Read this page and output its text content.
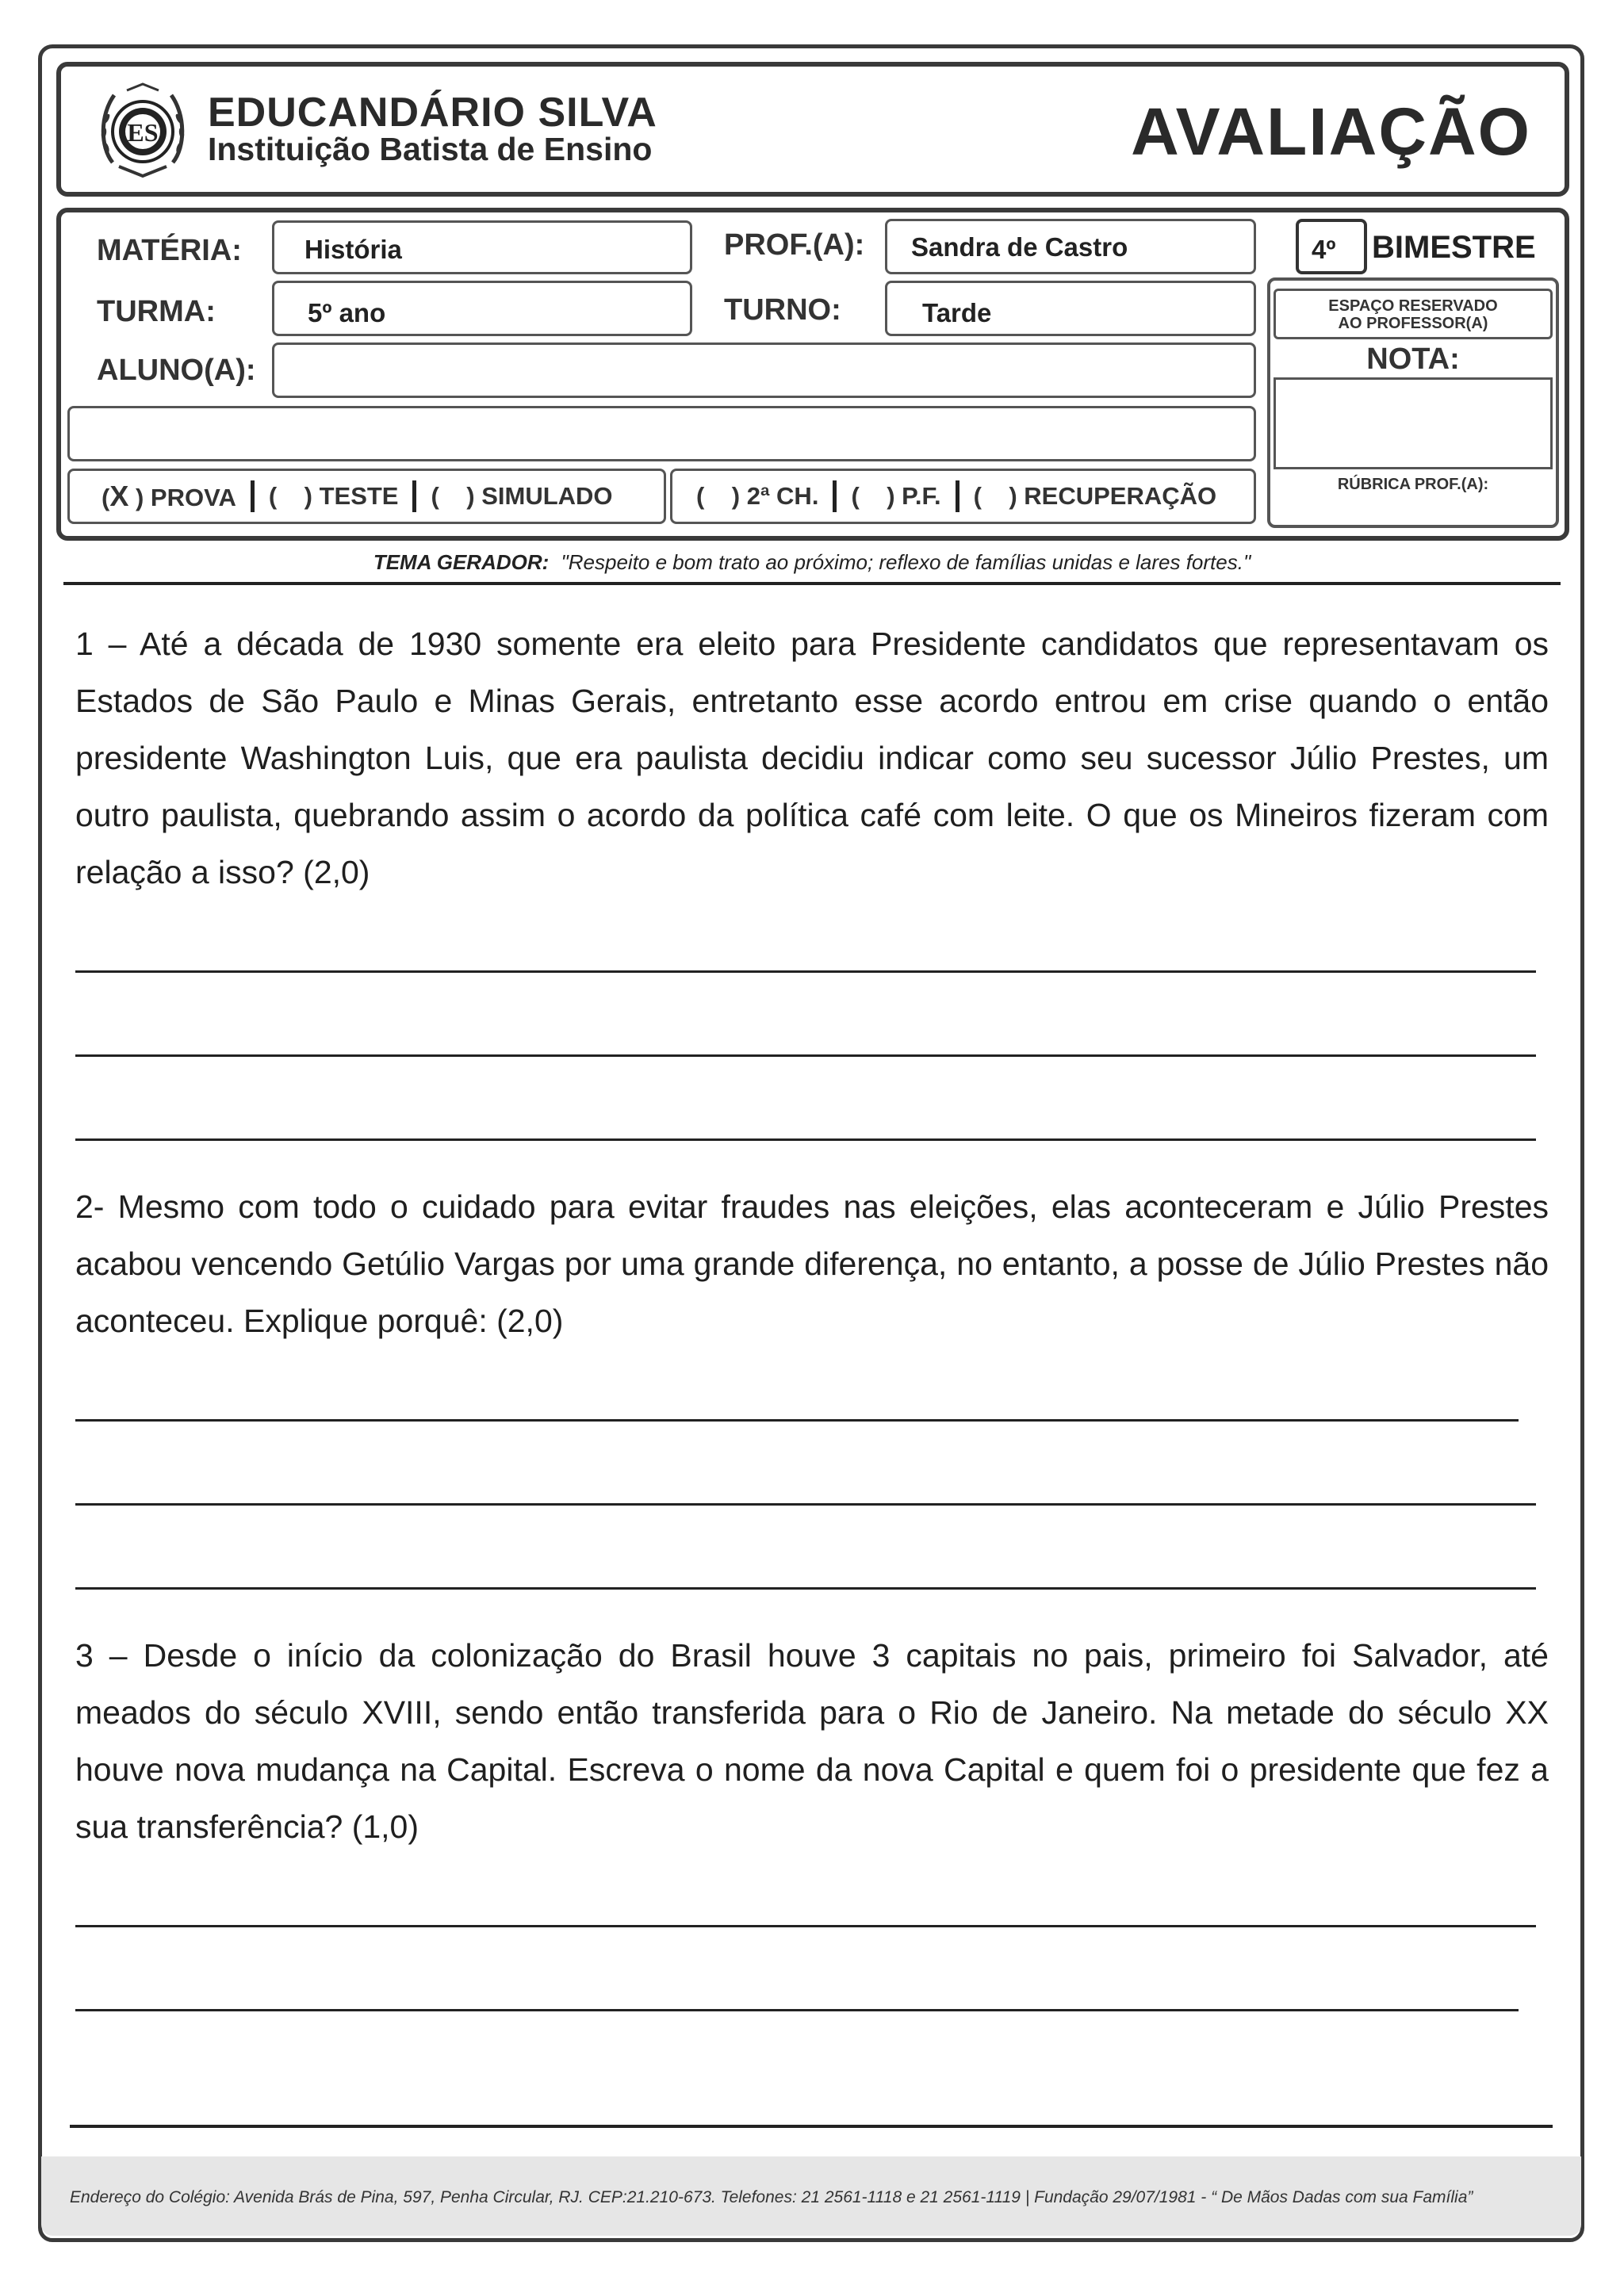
ES EDUCANDÁRIO SILVA
Instituição Batista de Ensino	AVALIAÇÃO
MATÉRIA: História	PROF.(A): Sandra de Castro	4º BIMESTRE
TURMA:	5º ano	TURNO:	Tarde
ALUNO(A):
(X ) PROVA (    ) TESTE (    ) SIMULADO	(    ) 2ª CH. (    ) P.F. (    ) RECUPERAÇÃO
ESPAÇO RESERVADO
AO PROFESSOR(A)
NOTA:
RÚBRICA PROF.(A):
TEMA GERADOR: "Respeito e bom trato ao próximo; reflexo de famílias unidas e lares fortes."
1 – Até a década de 1930 somente era eleito para Presidente candidatos que representavam os Estados de São Paulo e Minas Gerais, entretanto esse acordo entrou em crise quando o então presidente Washington Luis, que era paulista decidiu indicar como seu sucessor Júlio Prestes, um outro paulista, quebrando assim o acordo da política café com leite. O que os Mineiros fizeram com relação a isso? (2,0)
2- Mesmo com todo o cuidado para evitar fraudes nas eleições, elas aconteceram e Júlio Prestes acabou vencendo Getúlio Vargas por uma grande diferença, no entanto, a posse de Júlio Prestes não aconteceu. Explique porquê: (2,0)
3 – Desde o início da colonização do Brasil houve 3 capitais no pais, primeiro foi Salvador, até meados do século XVIII, sendo então transferida para o Rio de Janeiro. Na metade do século XX houve nova mudança na Capital. Escreva o nome da nova Capital e quem foi o presidente que fez a sua transferência? (1,0)
Endereço do Colégio: Avenida Brás de Pina, 597, Penha Circular, RJ. CEP:21.210-673. Telefones: 21 2561-1118 e 21 2561-1119 | Fundação 29/07/1981 - “ De Mãos Dadas com sua Família”
